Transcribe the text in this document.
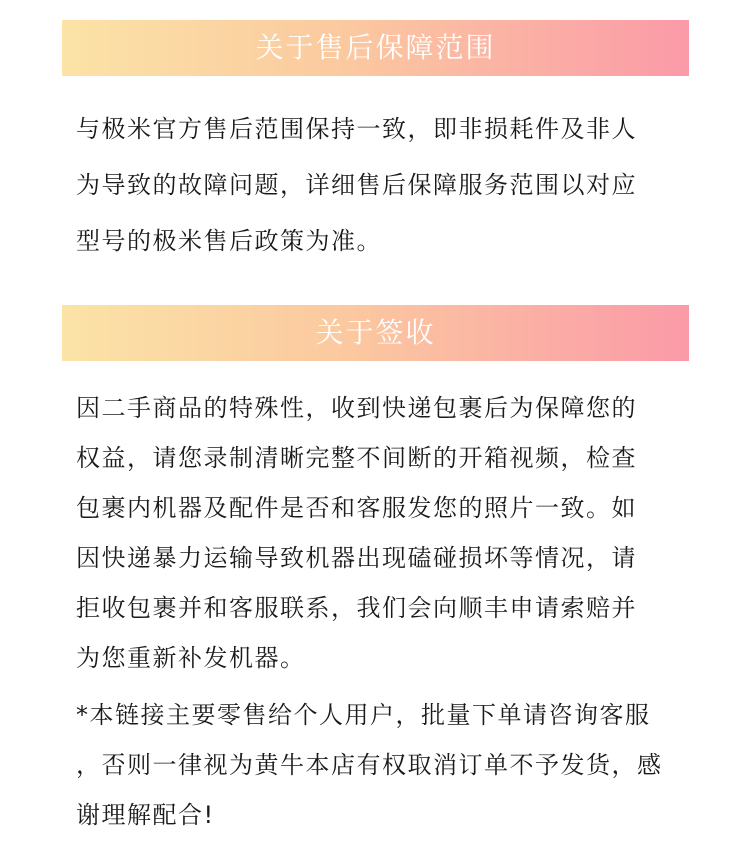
关于售后保障范围

与极米官方售后范围保持一致，即非损耗件及非人
为导致的故障问题，详细售后保障服务范围以对应
型号的极米售后政策为准。

关于签收

因二手商品的特殊性，收到快递包裹后为保障您的
权益，请您录制清晰完整不间断的开箱视频，检查
包裹内机器及配件是否和客服发您的照片一致。如
因快递暴力运输导致机器出现磕碰损坏等情况，请
拒收包裹并和客服联系，我们会向顺丰申请索赔并
为您重新补发机器。

*本链接主要零售给个人用户，批量下单请咨询客服
，否则一律视为黄牛本店有权取消订单不予发货，感
谢理解配合!
